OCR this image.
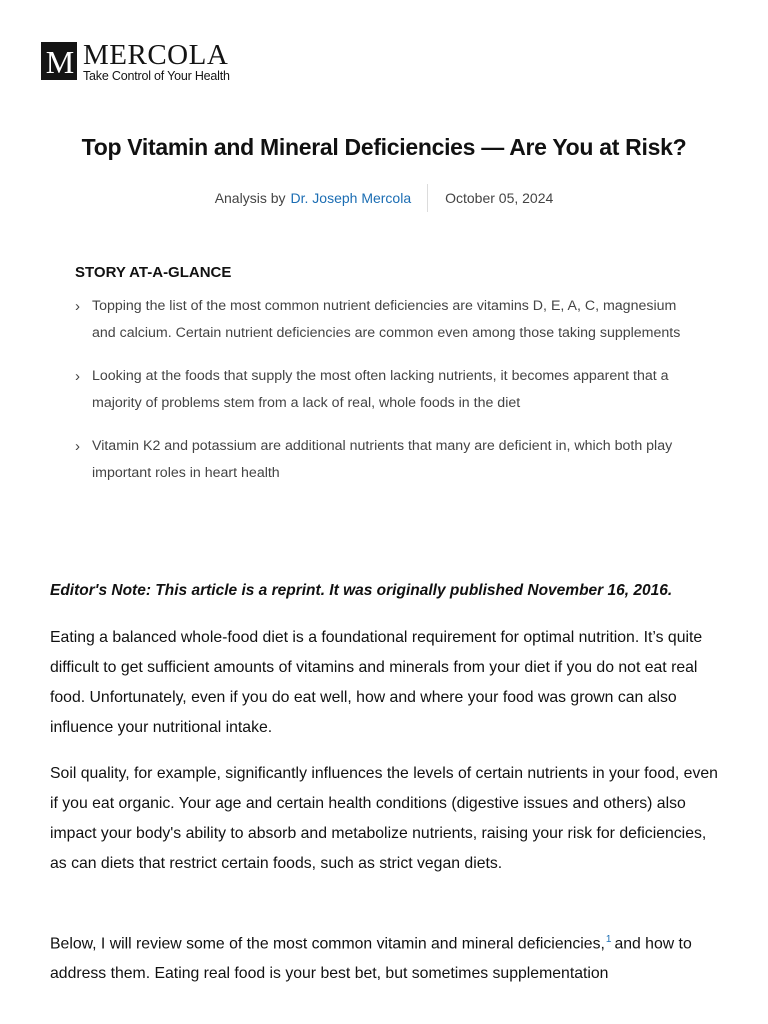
M MERCOLA
Take Control of Your Health
Top Vitamin and Mineral Deficiencies — Are You at Risk?
Analysis by Dr. Joseph Mercola October 05, 2024
STORY AT-A-GLANCE
› Topping the list of the most common nutrient deficiencies are vitamins D, E, A, C, magnesium and calcium. Certain nutrient deficiencies are common even among those taking supplements
› Looking at the foods that supply the most often lacking nutrients, it becomes apparent that a majority of problems stem from a lack of real, whole foods in the diet
› Vitamin K2 and potassium are additional nutrients that many are deficient in, which both play important roles in heart health
Editor's Note: This article is a reprint. It was originally published November 16, 2016.

Eating a balanced whole-food diet is a foundational requirement for optimal nutrition. It’s quite difficult to get sufficient amounts of vitamins and minerals from your diet if you do not eat real food. Unfortunately, even if you do eat well, how and where your food was grown can also influence your nutritional intake.

Soil quality, for example, significantly influences the levels of certain nutrients in your food, even if you eat organic. Your age and certain health conditions (digestive issues and others) also impact your body's ability to absorb and metabolize nutrients, raising your risk for deficiencies, as can diets that restrict certain foods, such as strict vegan diets.

Below, I will review some of the most common vitamin and mineral deficiencies,$^1$ and how to address them. Eating real food is your best bet, but sometimes supplementation
